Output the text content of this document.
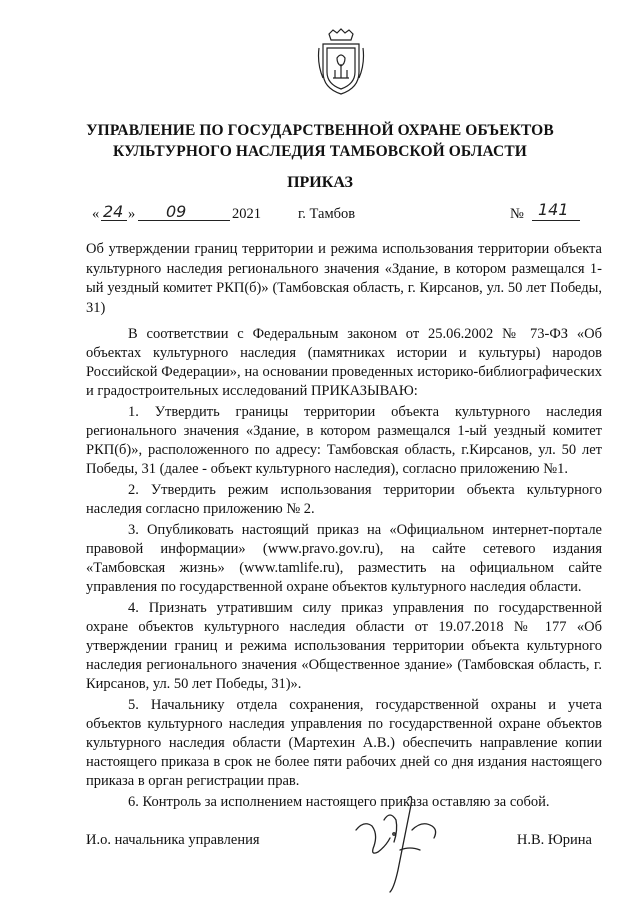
УПРАВЛЕНИЕ ПО ГОСУДАРСТВЕННОЙ ОХРАНЕ ОБЪЕКТОВ
КУЛЬТУРНОГО НАСЛЕДИЯ ТАМБОВСКОЙ ОБЛАСТИ
ПРИКАЗ
« 24 » 09	2021	г. Тамбов	№ 141
Об утверждении границ территории и режима использования территории объекта культурного наследия регионального значения «Здание, в котором размещался 1-ый уездный комитет РКП(б)» (Тамбовская область, г. Кирсанов, ул. 50 лет Победы, 31)

В соответствии с Федеральным законом от 25.06.2002 № 73-ФЗ «Об объектах культурного наследия (памятниках истории и культуры) народов Российской Федерации», на основании проведенных историко-библиографических и градостроительных исследований ПРИКАЗЫВАЮ:

1. Утвердить границы территории объекта культурного наследия регионального значения «Здание, в котором размещался 1-ый уездный комитет РКП(б)», расположенного по адресу: Тамбовская область, г.Кирсанов, ул. 50 лет Победы, 31 (далее - объект культурного наследия), согласно приложению №1.

2. Утвердить режим использования территории объекта культурного наследия согласно приложению № 2.

3. Опубликовать настоящий приказ на «Официальном интернет-портале правовой информации» (www.pravo.gov.ru), на сайте сетевого издания «Тамбовская жизнь» (www.tamlife.ru), разместить на официальном сайте управления по государственной охране объектов культурного наследия области.

4. Признать утратившим силу приказ управления по государственной охране объектов культурного наследия области от 19.07.2018 № 177 «Об утверждении границ и режима использования территории объекта культурного наследия регионального значения «Общественное здание» (Тамбовская область, г. Кирсанов, ул. 50 лет Победы, 31)».

5. Начальнику отдела сохранения, государственной охраны и учета объектов культурного наследия управления по государственной охране объектов культурного наследия области (Мартехин А.В.) обеспечить направление копии настоящего приказа в срок не более пяти рабочих дней со дня издания настоящего приказа в орган регистрации прав.

6. Контроль за исполнением настоящего приказа оставляю за собой.

И.о. начальника управления	Н.В. Юрина
